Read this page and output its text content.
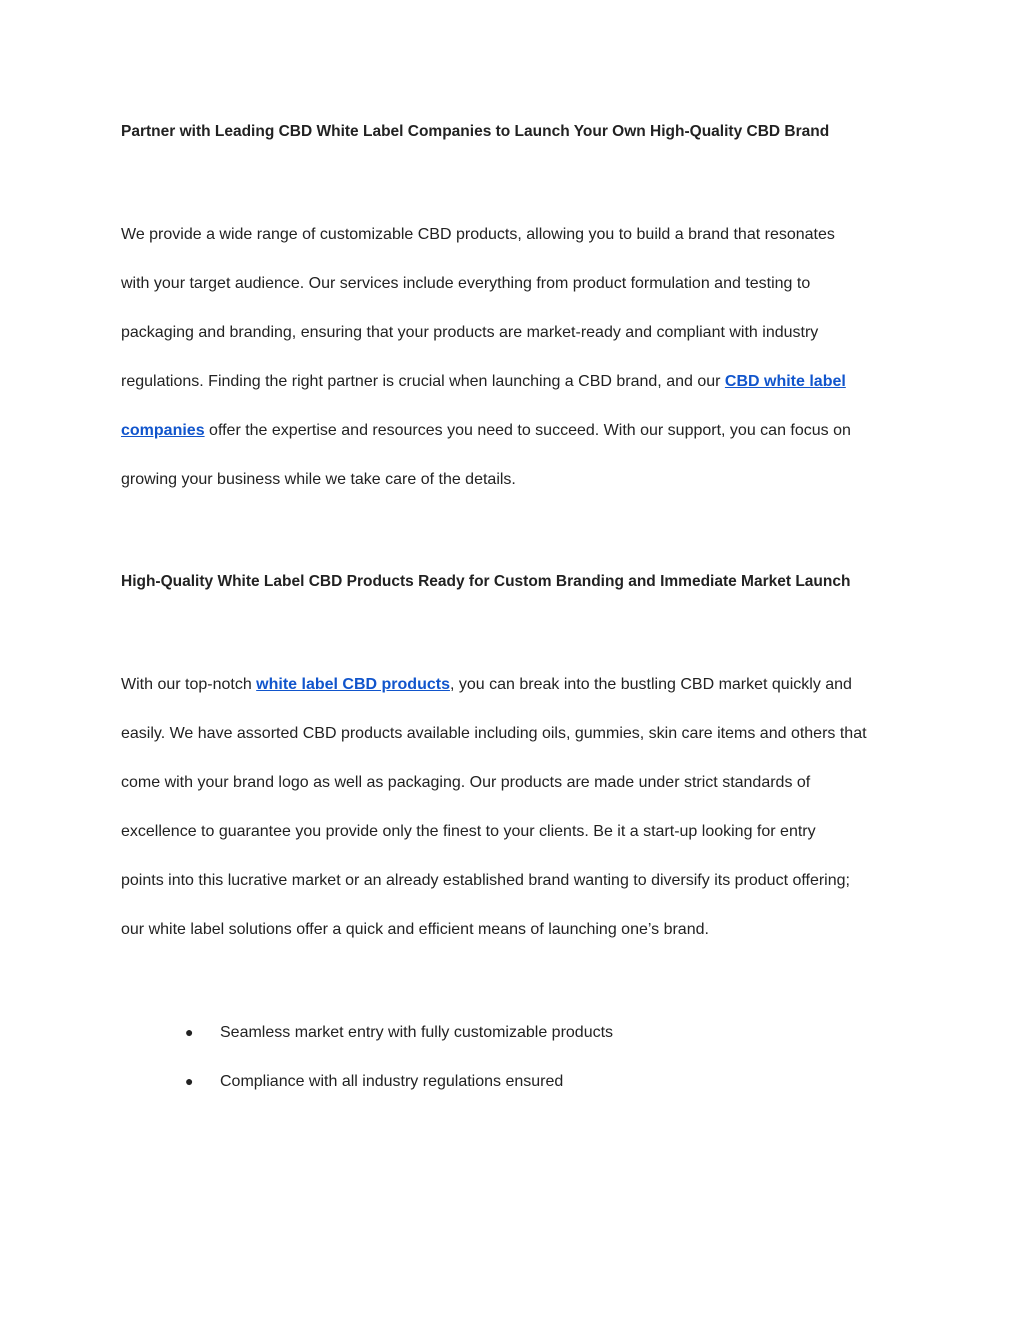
Partner with Leading CBD White Label Companies to Launch Your Own High-Quality CBD Brand
We provide a wide range of customizable CBD products, allowing you to build a brand that resonates
with your target audience. Our services include everything from product formulation and testing to
packaging and branding, ensuring that your products are market-ready and compliant with industry
regulations. Finding the right partner is crucial when launching a CBD brand, and our CBD white label
companies offer the expertise and resources you need to succeed. With our support, you can focus on
growing your business while we take care of the details.
High-Quality White Label CBD Products Ready for Custom Branding and Immediate Market Launch
With our top-notch white label CBD products, you can break into the bustling CBD market quickly and
easily. We have assorted CBD products available including oils, gummies, skin care items and others that
come with your brand logo as well as packaging. Our products are made under strict standards of
excellence to guarantee you provide only the finest to your clients. Be it a start-up looking for entry
points into this lucrative market or an already established brand wanting to diversify its product offering;
our white label solutions offer a quick and efficient means of launching one’s brand.
● Seamless market entry with fully customizable products
● Compliance with all industry regulations ensured
